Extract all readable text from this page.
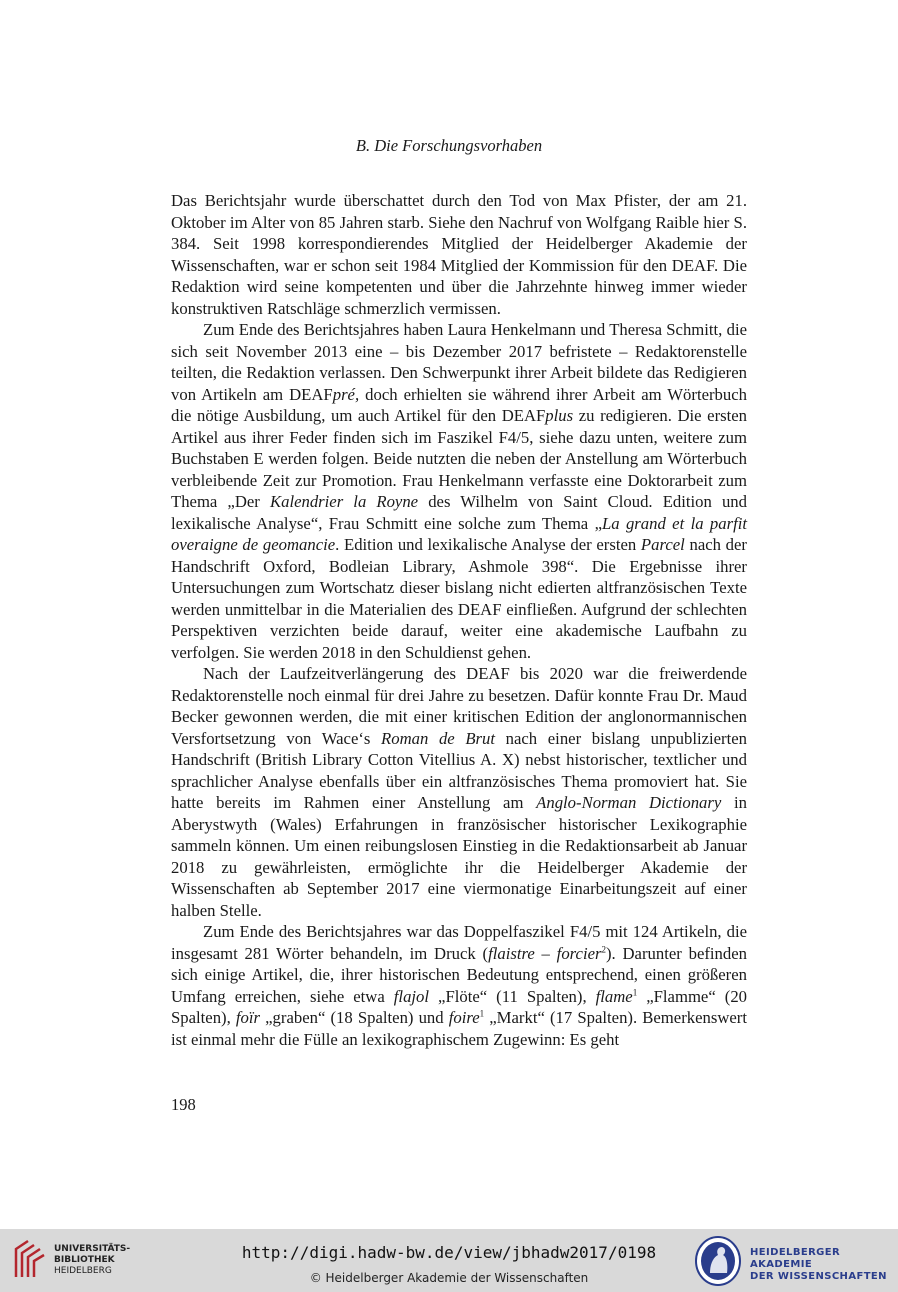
B. Die Forschungsvorhaben

Das Berichtsjahr wurde überschattet durch den Tod von Max Pfister, der am 21. Oktober im Alter von 85 Jahren starb. Siehe den Nachruf von Wolfgang Raible hier S. 384. Seit 1998 korrespondierendes Mitglied der Heidelberger Akademie der Wissenschaften, war er schon seit 1984 Mitglied der Kommission für den DEAF. Die Redaktion wird seine kompetenten und über die Jahrzehnte hinweg immer wieder konstruktiven Ratschläge schmerzlich vermissen.

Zum Ende des Berichtsjahres haben Laura Henkelmann und Theresa Schmitt, die sich seit November 2013 eine – bis Dezember 2017 befristete – Redaktorenstelle teilten, die Redaktion verlassen. Den Schwerpunkt ihrer Arbeit bildete das Redigieren von Artikeln am DEAFpré, doch erhielten sie während ihrer Arbeit am Wörterbuch die nötige Ausbildung, um auch Artikel für den DEAFplus zu redigieren. Die ersten Artikel aus ihrer Feder finden sich im Faszikel F4/5, siehe dazu unten, weitere zum Buchstaben E werden folgen. Beide nutzten die neben der Anstellung am Wörterbuch verbleibende Zeit zur Promotion. Frau Henkelmann verfasste eine Doktorarbeit zum Thema „Der Kalendrier la Royne des Wilhelm von Saint Cloud. Edition und lexikalische Analyse“, Frau Schmitt eine solche zum Thema „La grand et la parfit overaigne de geomancie. Edition und lexikalische Analyse der ersten Parcel nach der Handschrift Oxford, Bodleian Library, Ashmole 398“. Die Ergebnisse ihrer Untersuchungen zum Wortschatz dieser bislang nicht edierten altfranzösischen Texte werden unmittelbar in die Materialien des DEAF einfließen. Aufgrund der schlechten Perspektiven verzichten beide darauf, weiter eine akademische Laufbahn zu verfolgen. Sie werden 2018 in den Schuldienst gehen.

Nach der Laufzeitverlängerung des DEAF bis 2020 war die freiwerdende Redaktorenstelle noch einmal für drei Jahre zu besetzen. Dafür konnte Frau Dr. Maud Becker gewonnen werden, die mit einer kritischen Edition der anglonormannischen Versfortsetzung von Wace‘s Roman de Brut nach einer bislang unpublizierten Handschrift (British Library Cotton Vitellius A. X) nebst historischer, textlicher und sprachlicher Analyse ebenfalls über ein altfranzösisches Thema promoviert hat. Sie hatte bereits im Rahmen einer Anstellung am Anglo-Norman Dictionary in Aberystwyth (Wales) Erfahrungen in französischer historischer Lexikographie sammeln können. Um einen reibungslosen Einstieg in die Redaktionsarbeit ab Januar 2018 zu gewährleisten, ermöglichte ihr die Heidelberger Akademie der Wissenschaften ab September 2017 eine viermonatige Einarbeitungszeit auf einer halben Stelle.

Zum Ende des Berichtsjahres war das Doppelfaszikel F4/5 mit 124 Artikeln, die insgesamt 281 Wörter behandeln, im Druck (flaistre – forcier$^2$). Darunter befinden sich einige Artikel, die, ihrer historischen Bedeutung entsprechend, einen größeren Umfang erreichen, siehe etwa flajol „Flöte“ (11 Spalten), flame$^1$ „Flamme“ (20 Spalten), foïr „graben“ (18 Spalten) und foire$^1$ „Markt“ (17 Spalten). Bemerkenswert ist einmal mehr die Fülle an lexikographischem Zugewinn: Es geht

198
UNIVERSITÄTS-
BIBLIOTHEK
HEIDELBERG
http://digi.hadw-bw.de/view/jbhadw2017/0198
© Heidelberger Akademie der Wissenschaften
HEIDELBERGER AKADEMIE
DER WISSENSCHAFTEN
